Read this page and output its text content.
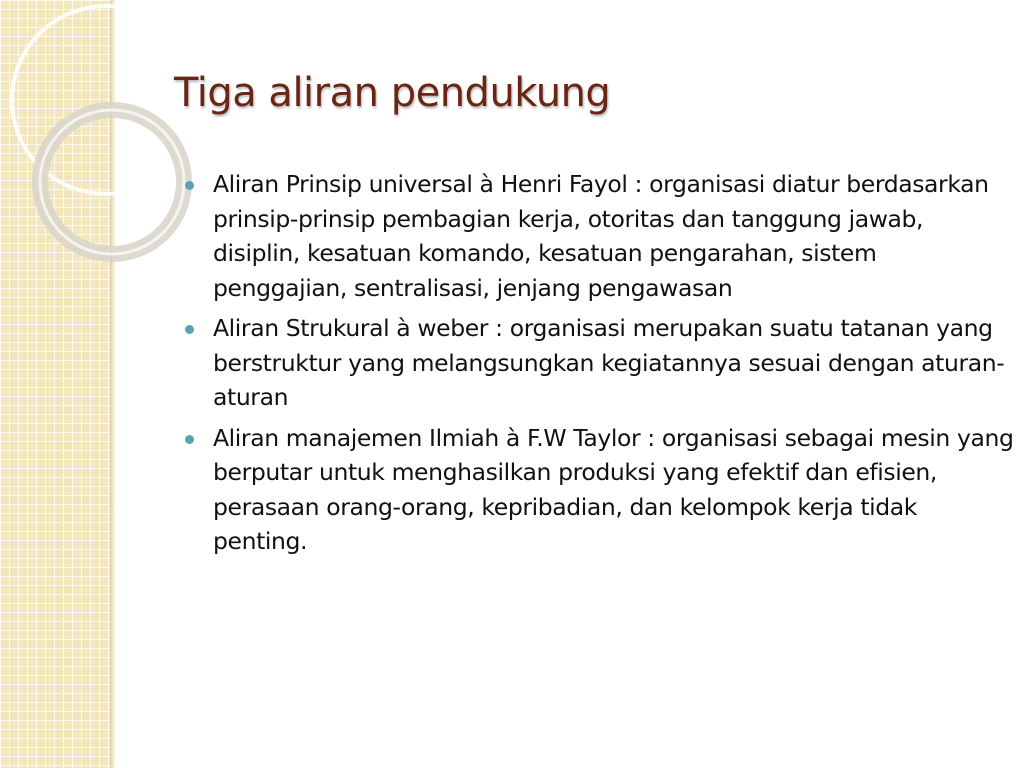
Tiga aliran pendukung
Aliran Prinsip universal à Henri Fayol : organisasi diatur berdasarkan prinsip-prinsip pembagian kerja, otoritas dan tanggung jawab, disiplin, kesatuan komando, kesatuan pengarahan, sistem penggajian, sentralisasi, jenjang pengawasan
Aliran Strukural à weber : organisasi merupakan suatu tatanan yang berstruktur yang melangsungkan kegiatannya sesuai dengan aturan-aturan
Aliran manajemen Ilmiah à F.W Taylor : organisasi sebagai mesin yang berputar untuk menghasilkan produksi yang efektif dan efisien, perasaan orang-orang, kepribadian, dan kelompok kerja tidak penting.
